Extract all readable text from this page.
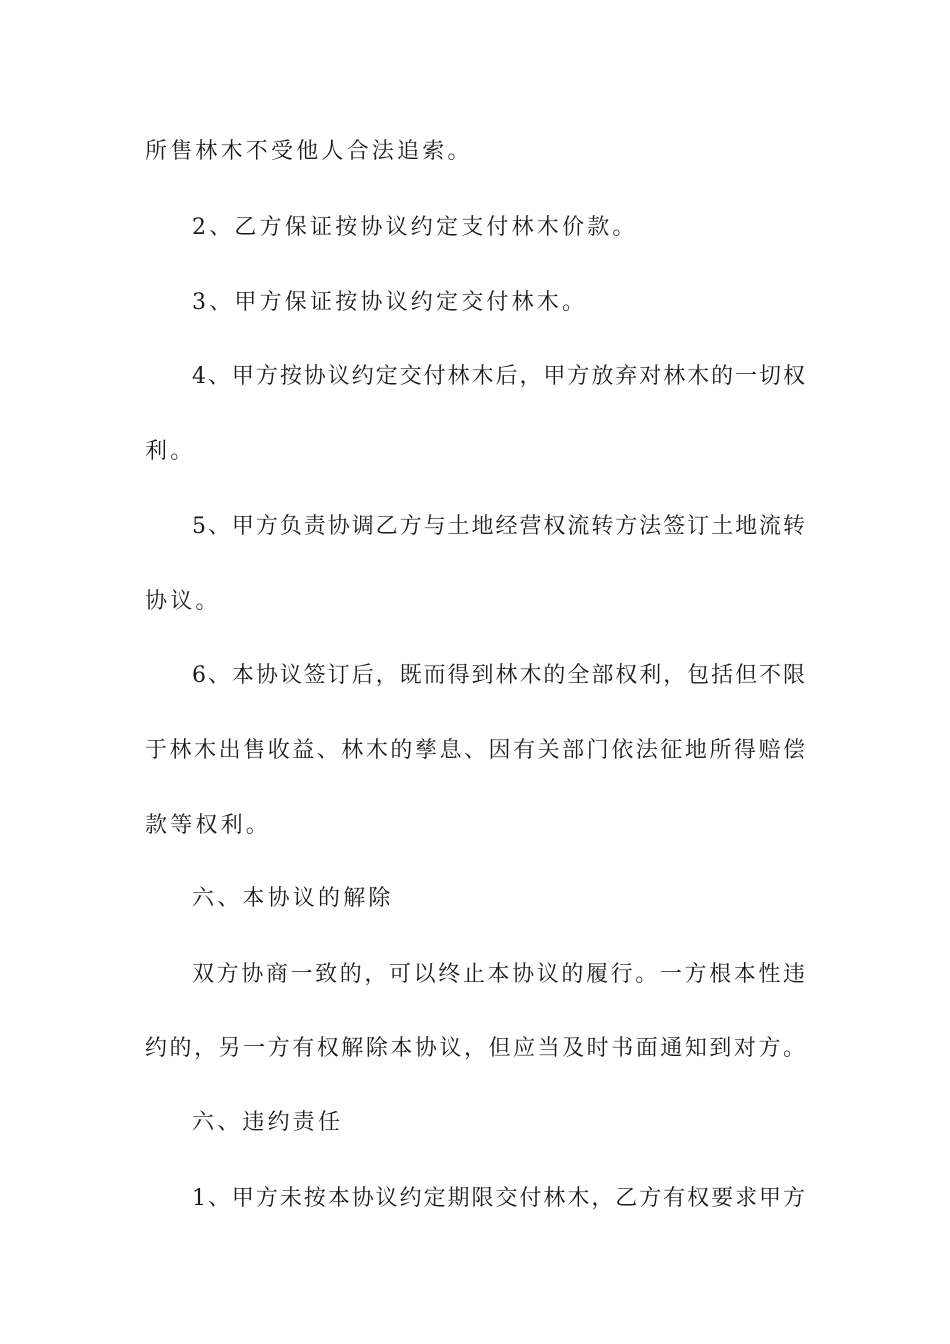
所售林木不受他人合法追索。
2、乙方保证按协议约定支付林木价款。
3、甲方保证按协议约定交付林木。
4、甲方按协议约定交付林木后，甲方放弃对林木的一切权
利。
5、甲方负责协调乙方与土地经营权流转方法签订土地流转
协议。
6、本协议签订后，既而得到林木的全部权利，包括但不限
于林木出售收益、林木的孳息、因有关部门依法征地所得赔偿
款等权利。
六、本协议的解除
双方协商一致的，可以终止本协议的履行。一方根本性违
约的，另一方有权解除本协议，但应当及时书面通知到对方。
六、违约责任
1、甲方未按本协议约定期限交付林木，乙方有权要求甲方
